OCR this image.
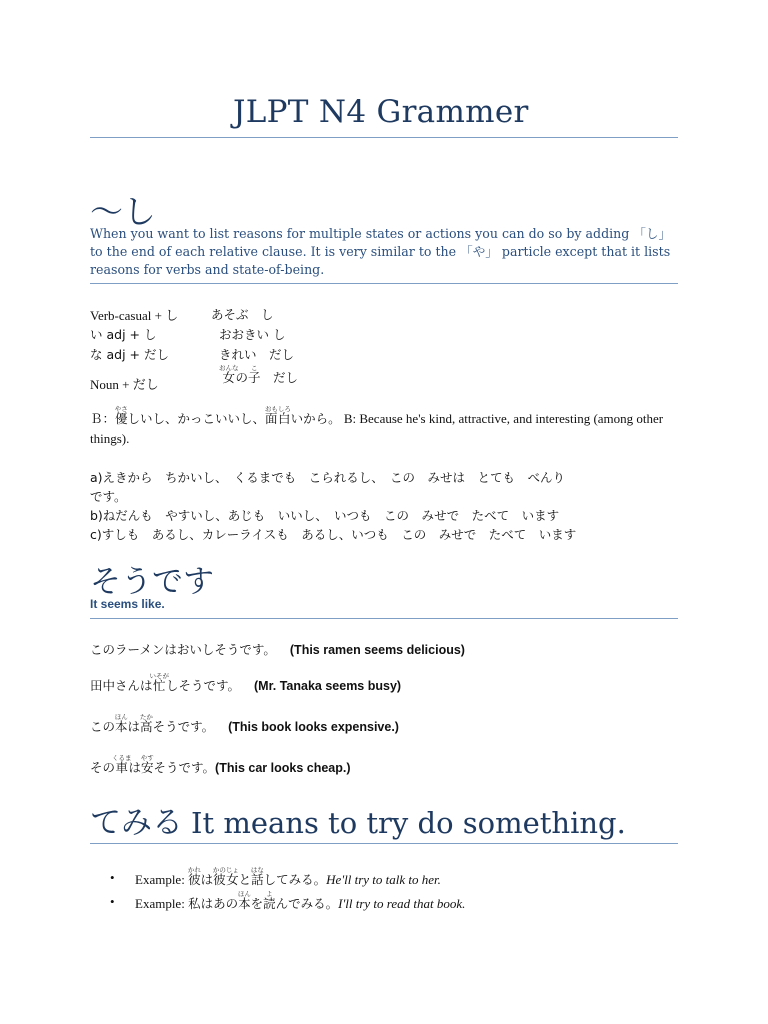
JLPT N4 Grammer
～し
When you want to list reasons for multiple states or actions you can do so by adding 「し」 to the end of each relative clause. It is very similar to the 「や」 particle except that it lists reasons for verbs and state-of-being.
Verb-casual + し	あそぶ　し
い adj + し	おおきい し
な adj + だし	きれい　だし
Noun + だし	女おんなの子こ　だし
Ｂ：優やさしいし、かっこいいし、面白おもしろいから。 B: Because he's kind, attractive, and interesting (among other things).
a)えきから　ちかいし、　くるまでも　こられるし、　この　みせは　とても　べんり
です。
b)ねだんも　やすいし、あじも　いいし、　いつも　この　みせで　たべて　います
c)すしも　あるし、カレーライスも　あるし、いつも　この　みせで　たべて　います
そうです
It seems like.
このラーメンはおいしそうです。 (This ramen seems delicious)
田中さんは忙いそがしそうです。 (Mr. Tanaka seems busy)
この本ほんは高たかそうです。 (This book looks expensive.)
その車くるまは安やすそうです。(This car looks cheap.)
てみる It means to try do something.
• Example: 彼かれは彼女かのじょと話はなしてみる。He'll try to talk to her.
• Example: 私はあの本ほんを読よんでみる。I'll try to read that book.
